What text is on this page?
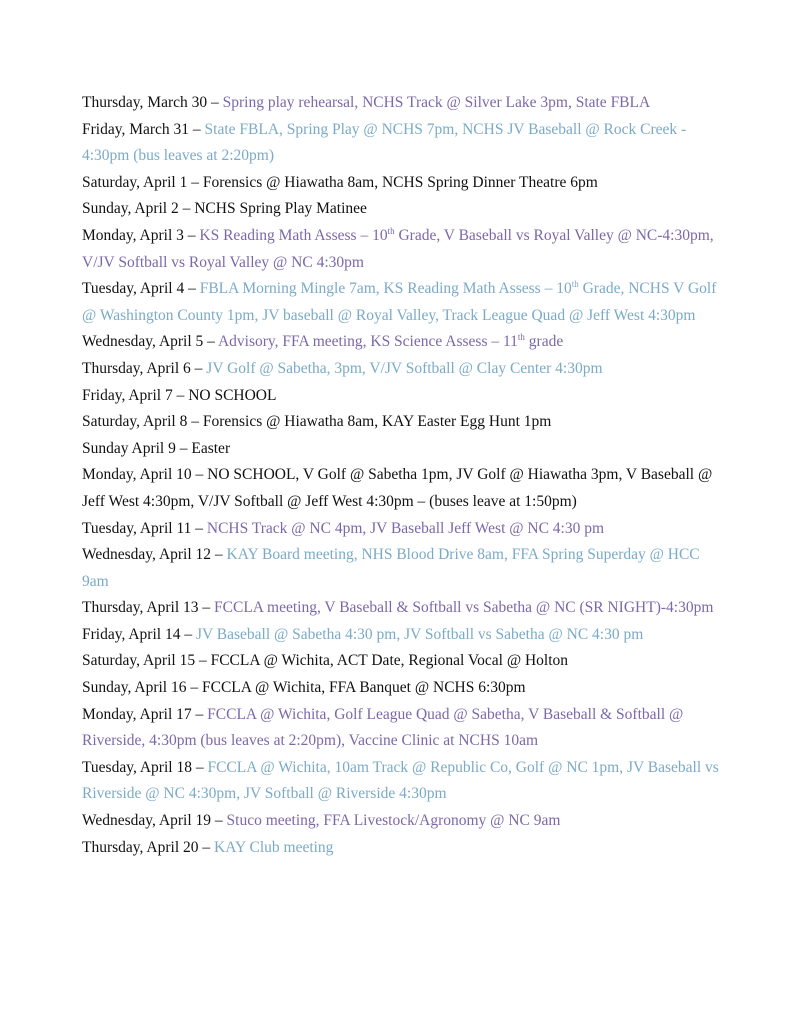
Thursday, March 30 – Spring play rehearsal, NCHS Track @ Silver Lake 3pm, State FBLA

Friday, March 31 – State FBLA, Spring Play @ NCHS 7pm, NCHS JV Baseball @ Rock Creek - 4:30pm (bus leaves at 2:20pm)

Saturday, April 1 – Forensics @ Hiawatha 8am, NCHS Spring Dinner Theatre 6pm

Sunday, April 2 – NCHS Spring Play Matinee

Monday, April 3 – KS Reading Math Assess – 10th Grade, V Baseball vs Royal Valley @ NC-4:30pm, V/JV Softball vs Royal Valley @ NC 4:30pm

Tuesday, April 4 – FBLA Morning Mingle 7am, KS Reading Math Assess – 10th Grade, NCHS V Golf @ Washington County 1pm, JV baseball @ Royal Valley, Track League Quad @ Jeff West 4:30pm

Wednesday, April 5 – Advisory, FFA meeting, KS Science Assess – 11th grade

Thursday, April 6 – JV Golf @ Sabetha, 3pm, V/JV Softball @ Clay Center 4:30pm

Friday, April 7 – NO SCHOOL

Saturday, April 8 – Forensics @ Hiawatha 8am, KAY Easter Egg Hunt 1pm

Sunday April 9 – Easter

Monday, April 10 – NO SCHOOL, V Golf @ Sabetha 1pm, JV Golf @ Hiawatha 3pm, V Baseball @ Jeff West 4:30pm, V/JV Softball @ Jeff West 4:30pm – (buses leave at 1:50pm)

Tuesday, April 11 – NCHS Track @ NC 4pm, JV Baseball Jeff West @ NC 4:30 pm

Wednesday, April 12 – KAY Board meeting, NHS Blood Drive 8am, FFA Spring Superday @ HCC 9am

Thursday, April 13 – FCCLA meeting, V Baseball & Softball vs Sabetha @ NC (SR NIGHT)-4:30pm

Friday, April 14 – JV Baseball @ Sabetha 4:30 pm, JV Softball vs Sabetha @ NC 4:30 pm

Saturday, April 15 – FCCLA @ Wichita, ACT Date, Regional Vocal @ Holton

Sunday, April 16 – FCCLA @ Wichita, FFA Banquet @ NCHS 6:30pm

Monday, April 17 – FCCLA @ Wichita, Golf League Quad @ Sabetha, V Baseball & Softball @ Riverside, 4:30pm (bus leaves at 2:20pm), Vaccine Clinic at NCHS 10am

Tuesday, April 18 – FCCLA @ Wichita, 10am Track @ Republic Co, Golf @ NC 1pm, JV Baseball vs Riverside @ NC 4:30pm, JV Softball @ Riverside 4:30pm

Wednesday, April 19 – Stuco meeting, FFA Livestock/Agronomy @ NC 9am

Thursday, April 20 – KAY Club meeting
